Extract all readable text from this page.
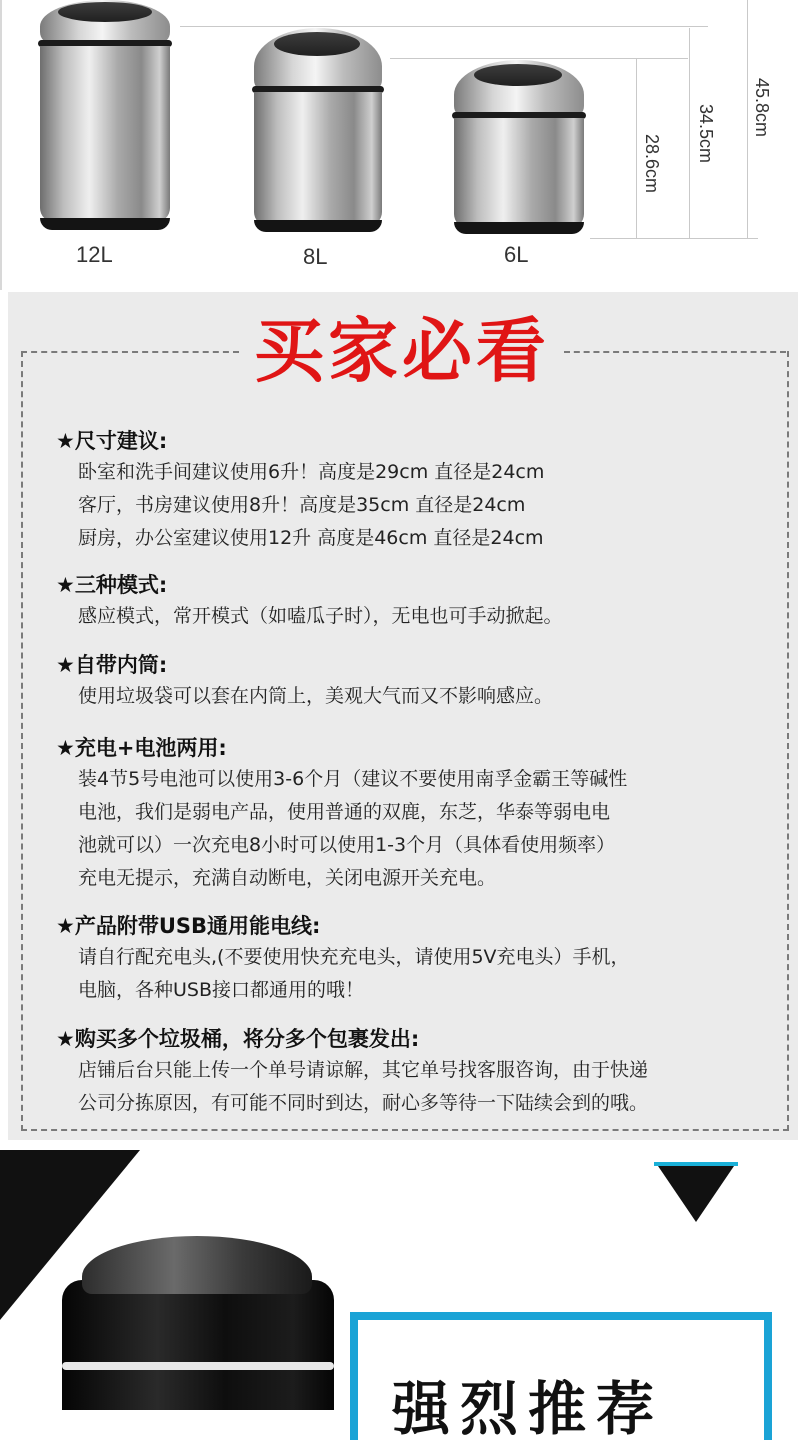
12L	8L	6L
45.8cm
34.5cm
28.6cm
买家必看
★尺寸建议:
卧室和洗手间建议使用6升！高度是29cm 直径是24cm
客厅，书房建议使用8升！高度是35cm 直径是24cm
厨房，办公室建议使用12升 高度是46cm 直径是24cm
★三种模式:
感应模式，常开模式（如嗑瓜子时），无电也可手动掀起。
★自带内筒:
使用垃圾袋可以套在内筒上，美观大气而又不影响感应。
★充电+电池两用:
装4节5号电池可以使用3-6个月（建议不要使用南孚金霸王等碱性
电池，我们是弱电产品，使用普通的双鹿，东芝，华泰等弱电电
池就可以）一次充电8小时可以使用1-3个月（具体看使用频率）
充电无提示，充满自动断电，关闭电源开关充电。
★产品附带USB通用能电线:
请自行配充电头,(不要使用快充充电头，请使用5V充电头）手机，
电脑，各种USB接口都通用的哦！
★购买多个垃圾桶，将分多个包裹发出:
店铺后台只能上传一个单号请谅解，其它单号找客服咨询，由于快递
公司分拣原因，有可能不同时到达，耐心多等待一下陆续会到的哦。
强烈推荐
